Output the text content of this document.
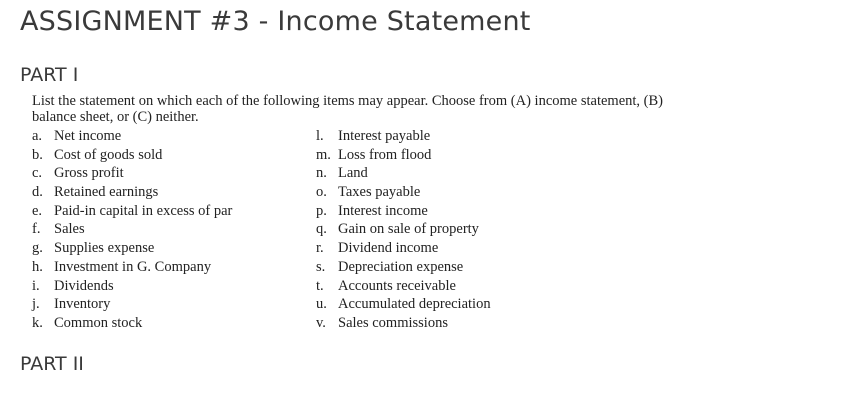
ASSIGNMENT #3 - Income Statement
PART I

List the statement on which each of the following items may appear. Choose from (A) income statement, (B) balance sheet, or (C) neither.

a. Net income
b. Cost of goods sold
c. Gross profit
d. Retained earnings
e. Paid-in capital in excess of par
f. Sales
g. Supplies expense
h. Investment in G. Company
i. Dividends
j. Inventory
k. Common stock
l. Interest payable
m. Loss from flood
n. Land
o. Taxes payable
p. Interest income
q. Gain on sale of property
r. Dividend income
s. Depreciation expense
t. Accounts receivable
u. Accumulated depreciation
v. Sales commissions
PART II
